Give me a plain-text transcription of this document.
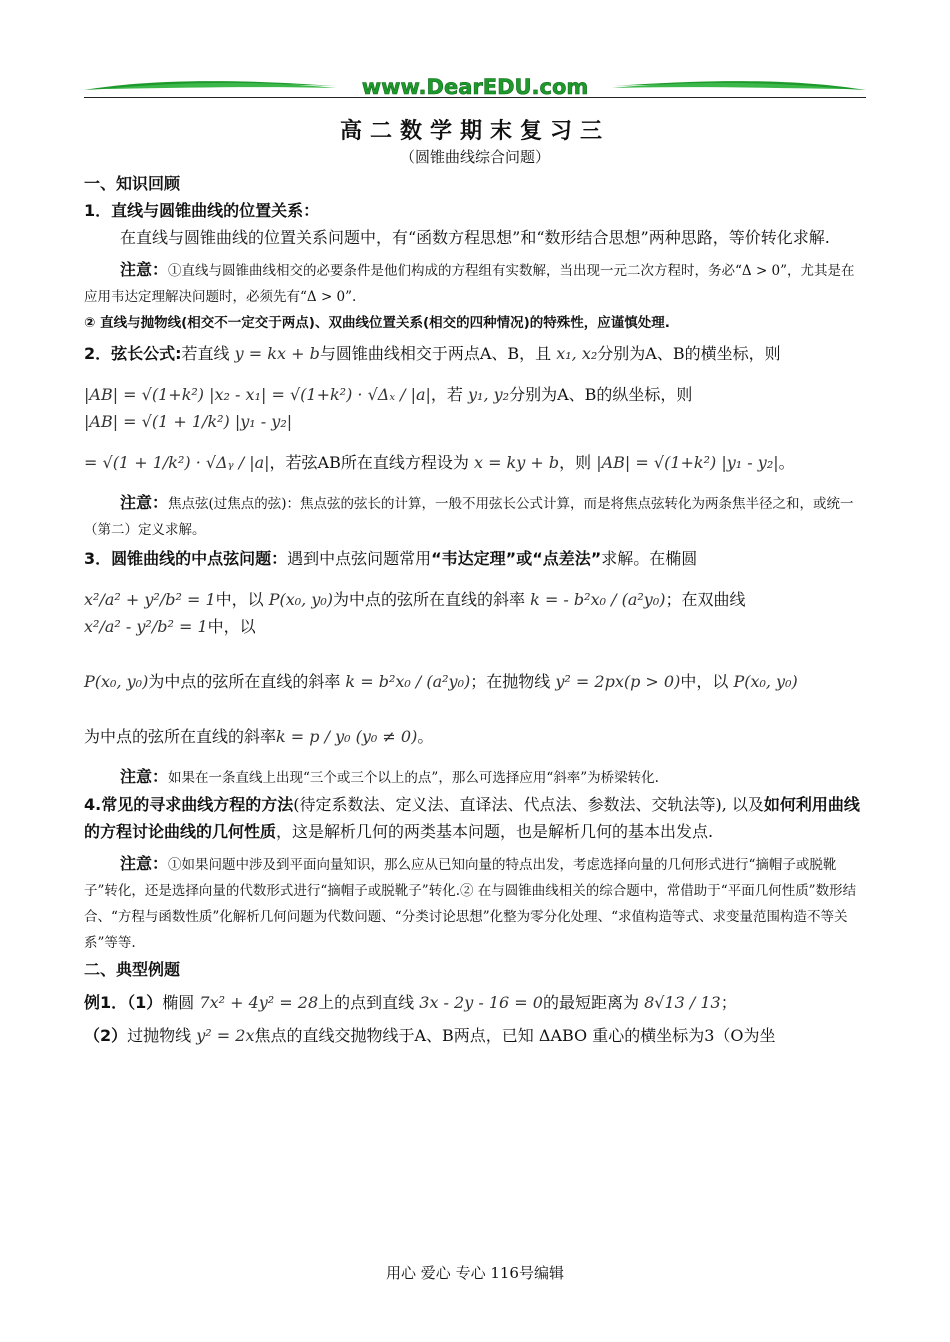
www.DearEDU.com
高二数学期末复习三
（圆锥曲线综合问题）

一、知识回顾

1．直线与圆锥曲线的位置关系：

在直线与圆锥曲线的位置关系问题中，有“函数方程思想”和“数形结合思想”两种思路，等价转化求解.

注意：①直线与圆锥曲线相交的必要条件是他们构成的方程组有实数解，当出现一元二次方程时，务必“Δ > 0”，尤其是在应用韦达定理解决问题时，必须先有“Δ > 0”.

② 直线与抛物线(相交不一定交于两点)、双曲线位置关系(相交的四种情况)的特殊性，应谨慎处理.

2．弦长公式:若直线 y = kx + b与圆锥曲线相交于两点A、B，且 x₁, x₂分别为A、B的横坐标，则

|AB| = √(1+k²) |x₂ - x₁| = √(1+k²) · √Δₓ / |a|，若 y₁, y₂分别为A、B的纵坐标，则 |AB| = √(1 + 1/k²) |y₁ - y₂|

= √(1 + 1/k²) · √Δᵧ / |a|，若弦AB所在直线方程设为 x = ky + b，则 |AB| = √(1+k²) |y₁ - y₂|。

注意：焦点弦(过焦点的弦)：焦点弦的弦长的计算，一般不用弦长公式计算，而是将焦点弦转化为两条焦半径之和，或统一（第二）定义求解。

3．圆锥曲线的中点弦问题：遇到中点弦问题常用“韦达定理”或“点差法”求解。在椭圆

x²/a² + y²/b² = 1中，以 P(x₀, y₀)为中点的弦所在直线的斜率 k = - b²x₀ / (a²y₀)；在双曲线 x²/a² - y²/b² = 1中，以

P(x₀, y₀)为中点的弦所在直线的斜率 k = b²x₀ / (a²y₀)；在抛物线 y² = 2px(p > 0)中，以 P(x₀, y₀)

为中点的弦所在直线的斜率k = p / y₀ (y₀ ≠ 0)。

注意：如果在一条直线上出现“三个或三个以上的点”，那么可选择应用“斜率”为桥梁转化.

4.常见的寻求曲线方程的方法(待定系数法、定义法、直译法、代点法、参数法、交轨法等), 以及如何利用曲线的方程讨论曲线的几何性质，这是解析几何的两类基本问题，也是解析几何的基本出发点.

注意：①如果问题中涉及到平面向量知识，那么应从已知向量的特点出发，考虑选择向量的几何形式进行“摘帽子或脱靴子”转化，还是选择向量的代数形式进行“摘帽子或脱靴子”转化.② 在与圆锥曲线相关的综合题中，常借助于“平面几何性质”数形结合、“方程与函数性质”化解析几何问题为代数问题、“分类讨论思想”化整为零分化处理、“求值构造等式、求变量范围构造不等关系”等等.

二、典型例题

例1．（1）椭圆 7x² + 4y² = 28上的点到直线 3x - 2y - 16 = 0的最短距离为 8√13 / 13；

（2）过抛物线 y² = 2x焦点的直线交抛物线于A、B两点，已知 ΔABO 重心的横坐标为3（O为坐

用心 爱心 专心 116号编辑
